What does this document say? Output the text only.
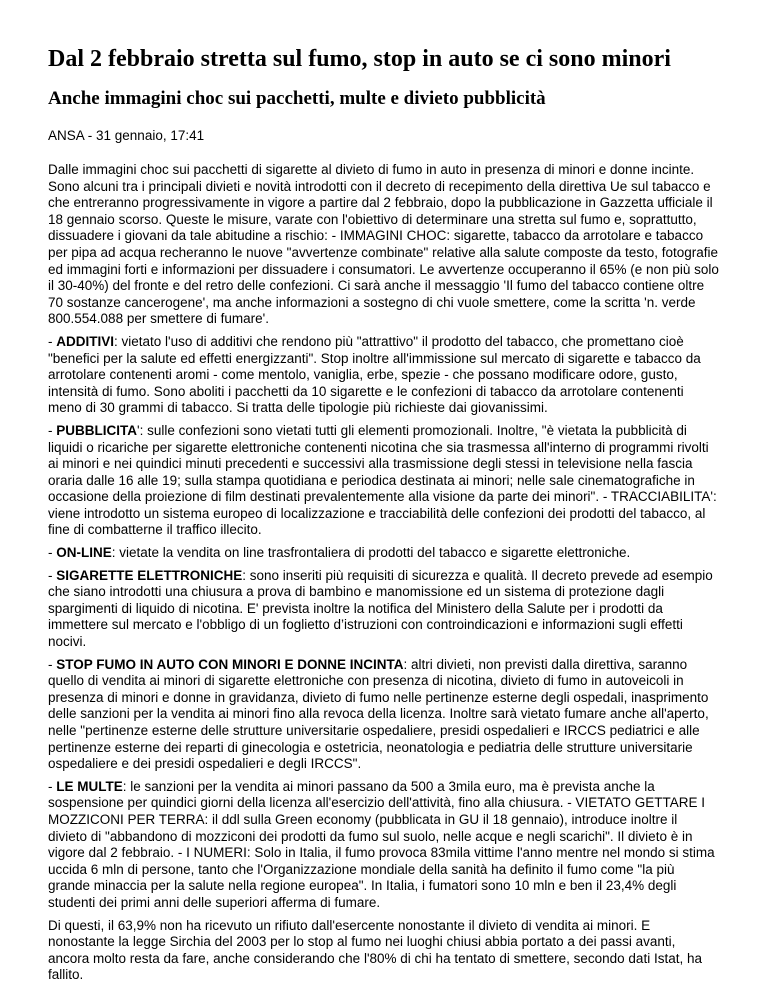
Dal 2 febbraio stretta sul fumo, stop in auto se ci sono minori
Anche immagini choc sui pacchetti, multe e divieto pubblicità
ANSA - 31 gennaio, 17:41

Dalle immagini choc sui pacchetti di sigarette al divieto di fumo in auto in presenza di minori e donne incinte. Sono alcuni tra i principali divieti e novità introdotti con il decreto di recepimento della direttiva Ue sul tabacco e che entreranno progressivamente in vigore a partire dal 2 febbraio, dopo la pubblicazione in Gazzetta ufficiale il 18 gennaio scorso. Queste le misure, varate con l'obiettivo di determinare una stretta sul fumo e, soprattutto, dissuadere i giovani da tale abitudine a rischio: - IMMAGINI CHOC: sigarette, tabacco da arrotolare e tabacco per pipa ad acqua recheranno le nuove "avvertenze combinate" relative alla salute composte da testo, fotografie ed immagini forti e informazioni per dissuadere i consumatori. Le avvertenze occuperanno il 65% (e non più solo il 30-40%) del fronte e del retro delle confezioni. Ci sarà anche il messaggio 'Il fumo del tabacco contiene oltre 70 sostanze cancerogene', ma anche informazioni a sostegno di chi vuole smettere, come la scritta 'n. verde 800.554.088 per smettere di fumare'.

- ADDITIVI: vietato l'uso di additivi che rendono più "attrattivo" il prodotto del tabacco, che promettano cioè "benefici per la salute ed effetti energizzanti". Stop inoltre all'immissione sul mercato di sigarette e tabacco da arrotolare contenenti aromi - come mentolo, vaniglia, erbe, spezie - che possano modificare odore, gusto, intensità di fumo. Sono aboliti i pacchetti da 10 sigarette e le confezioni di tabacco da arrotolare contenenti meno di 30 grammi di tabacco. Si tratta delle tipologie più richieste dai giovanissimi.

- PUBBLICITA': sulle confezioni sono vietati tutti gli elementi promozionali. Inoltre, "è vietata la pubblicità di liquidi o ricariche per sigarette elettroniche contenenti nicotina che sia trasmessa all'interno di programmi rivolti ai minori e nei quindici minuti precedenti e successivi alla trasmissione degli stessi in televisione nella fascia oraria dalle 16 alle 19; sulla stampa quotidiana e periodica destinata ai minori; nelle sale cinematografiche in occasione della proiezione di film destinati prevalentemente alla visione da parte dei minori". - TRACCIABILITA': viene introdotto un sistema europeo di localizzazione e tracciabilità delle confezioni dei prodotti del tabacco, al fine di combatterne il traffico illecito.

- ON-LINE: vietate la vendita on line trasfrontaliera di prodotti del tabacco e sigarette elettroniche.

- SIGARETTE ELETTRONICHE: sono inseriti più requisiti di sicurezza e qualità. Il decreto prevede ad esempio che siano introdotti una chiusura a prova di bambino e manomissione ed un sistema di protezione dagli spargimenti di liquido di nicotina. E' prevista inoltre la notifica del Ministero della Salute per i prodotti da immettere sul mercato e l'obbligo di un foglietto d’istruzioni con controindicazioni e informazioni sugli effetti nocivi.

- STOP FUMO IN AUTO CON MINORI E DONNE INCINTA: altri divieti, non previsti dalla direttiva, saranno quello di vendita ai minori di sigarette elettroniche con presenza di nicotina, divieto di fumo in autoveicoli in presenza di minori e donne in gravidanza, divieto di fumo nelle pertinenze esterne degli ospedali, inasprimento delle sanzioni per la vendita ai minori fino alla revoca della licenza. Inoltre sarà vietato fumare anche all'aperto, nelle "pertinenze esterne delle strutture universitarie ospedaliere, presidi ospedalieri e IRCCS pediatrici e alle pertinenze esterne dei reparti di ginecologia e ostetricia, neonatologia e pediatria delle strutture universitarie ospedaliere e dei presidi ospedalieri e degli IRCCS".

- LE MULTE: le sanzioni per la vendita ai minori passano da 500 a 3mila euro, ma è prevista anche la sospensione per quindici giorni della licenza all'esercizio dell'attività, fino alla chiusura. - VIETATO GETTARE I MOZZICONI PER TERRA: il ddl sulla Green economy (pubblicata in GU il 18 gennaio), introduce inoltre il divieto di "abbandono di mozziconi dei prodotti da fumo sul suolo, nelle acque e negli scarichi". Il divieto è in vigore dal 2 febbraio. - I NUMERI: Solo in Italia, il fumo provoca 83mila vittime l'anno mentre nel mondo si stima uccida 6 mln di persone, tanto che l'Organizzazione mondiale della sanità ha definito il fumo come "la più grande minaccia per la salute nella regione europea". In Italia, i fumatori sono 10 mln e ben il 23,4% degli studenti dei primi anni delle superiori afferma di fumare.

Di questi, il 63,9% non ha ricevuto un rifiuto dall'esercente nonostante il divieto di vendita ai minori. E nonostante la legge Sirchia del 2003 per lo stop al fumo nei luoghi chiusi abbia portato a dei passi avanti, ancora molto resta da fare, anche considerando che l'80% di chi ha tentato di smettere, secondo dati Istat, ha fallito.
